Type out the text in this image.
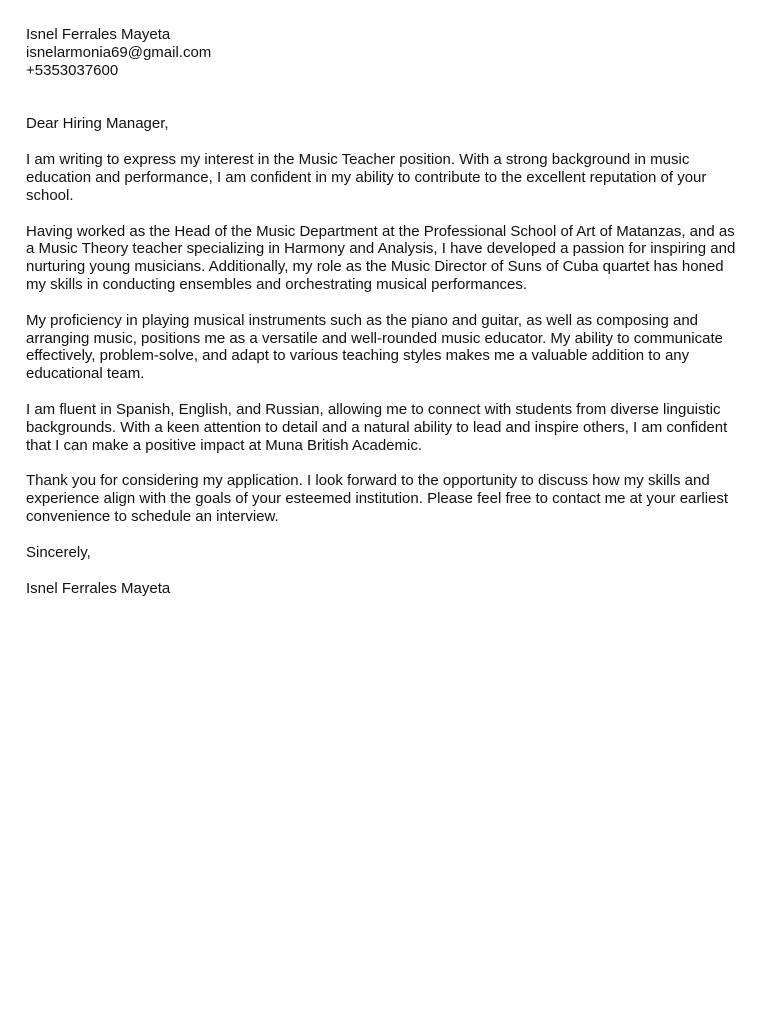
Isnel Ferrales Mayeta

isnelarmonia69@gmail.com

+5353037600

Dear Hiring Manager,

I am writing to express my interest in the Music Teacher position. With a strong background in music education and performance, I am confident in my ability to contribute to the excellent reputation of your school.

Having worked as the Head of the Music Department at the Professional School of Art of Matanzas, and as a Music Theory teacher specializing in Harmony and Analysis, I have developed a passion for inspiring and nurturing young musicians. Additionally, my role as the Music Director of Suns of Cuba quartet has honed my skills in conducting ensembles and orchestrating musical performances.

My proficiency in playing musical instruments such as the piano and guitar, as well as composing and arranging music, positions me as a versatile and well-rounded music educator. My ability to communicate effectively, problem-solve, and adapt to various teaching styles makes me a valuable addition to any educational team.

I am fluent in Spanish, English, and Russian, allowing me to connect with students from diverse linguistic backgrounds. With a keen attention to detail and a natural ability to lead and inspire others, I am confident that I can make a positive impact at Muna British Academic.

Thank you for considering my application. I look forward to the opportunity to discuss how my skills and experience align with the goals of your esteemed institution. Please feel free to contact me at your earliest convenience to schedule an interview.

Sincerely,

Isnel Ferrales Mayeta
